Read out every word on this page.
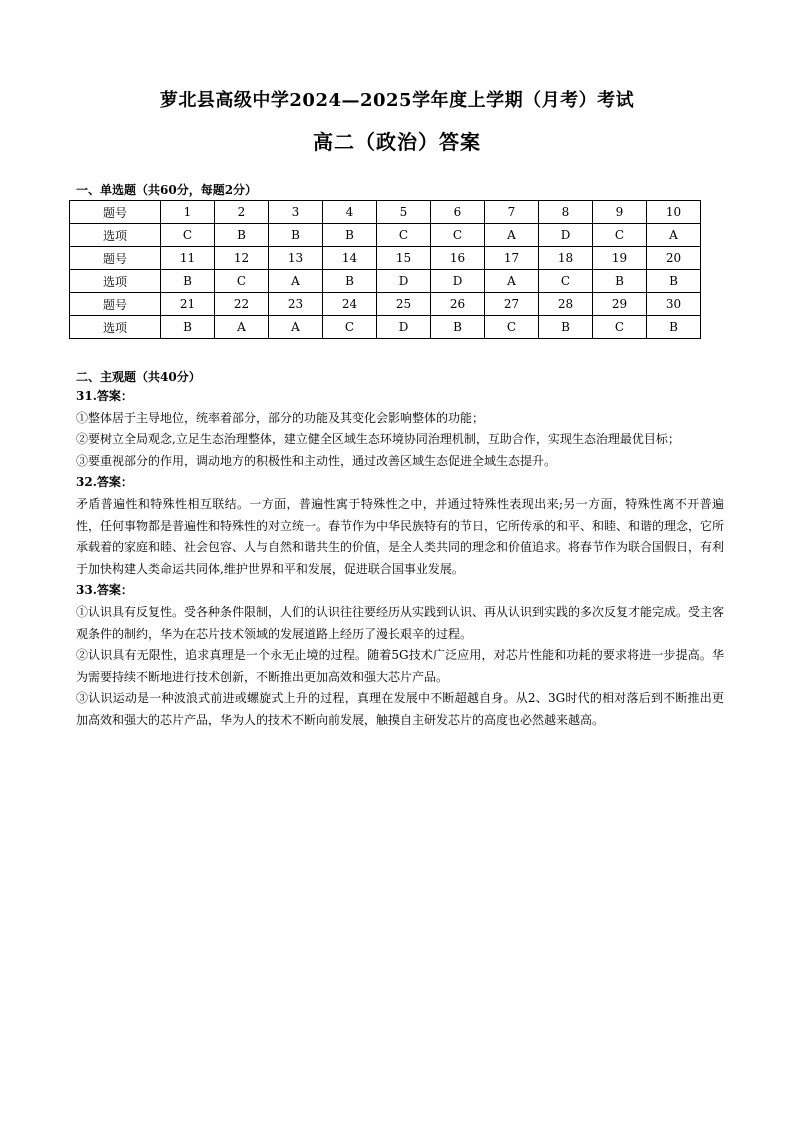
萝北县高级中学2024—2025学年度上学期（月考）考试
高二（政治）答案
一、单选题（共60分，每题2分）
题号	1	2	3	4	5	6	7	8	9	10
选项	C	B	B	B	C	C	A	D	C	A
题号	11	12	13	14	15	16	17	18	19	20
选项	B	C	A	B	D	D	A	C	B	B
题号	21	22	23	24	25	26	27	28	29	30
选项	B	A	A	C	D	B	C	B	C	B
二、主观题（共40分）

31.答案：

①整体居于主导地位，统率着部分，部分的功能及其变化会影响整体的功能；

②要树立全局观念,立足生态治理整体，建立健全区域生态环境协同治理机制，互助合作，实现生态治理最优目标；

③要重视部分的作用，调动地方的积极性和主动性，通过改善区域生态促进全域生态提升。

32.答案：

矛盾普遍性和特殊性相互联结。一方面，普遍性寓于特殊性之中，并通过特殊性表现出来;另一方面，特殊性离不开普遍性，任何事物都是普遍性和特殊性的对立统一。春节作为中华民族特有的节日，它所传承的和平、和睦、和谐的理念，它所承载着的家庭和睦、社会包容、人与自然和谐共生的价值，是全人类共同的理念和价值追求。将春节作为联合国假日，有利于加快构建人类命运共同体,维护世界和平和发展，促进联合国事业发展。

33.答案：

①认识具有反复性。受各种条件限制，人们的认识往往要经历从实践到认识、再从认识到实践的多次反复才能完成。受主客观条件的制约，华为在芯片技术领域的发展道路上经历了漫长艰辛的过程。

②认识具有无限性，追求真理是一个永无止境的过程。随着5G技术广泛应用，对芯片性能和功耗的要求将进一步提高。华为需要持续不断地进行技术创新，不断推出更加高效和强大芯片产品。

③认识运动是一种波浪式前进或螺旋式上升的过程，真理在发展中不断超越自身。从2、3G时代的相对落后到不断推出更加高效和强大的芯片产品，华为人的技术不断向前发展，触摸自主研发芯片的高度也必然越来越高。
